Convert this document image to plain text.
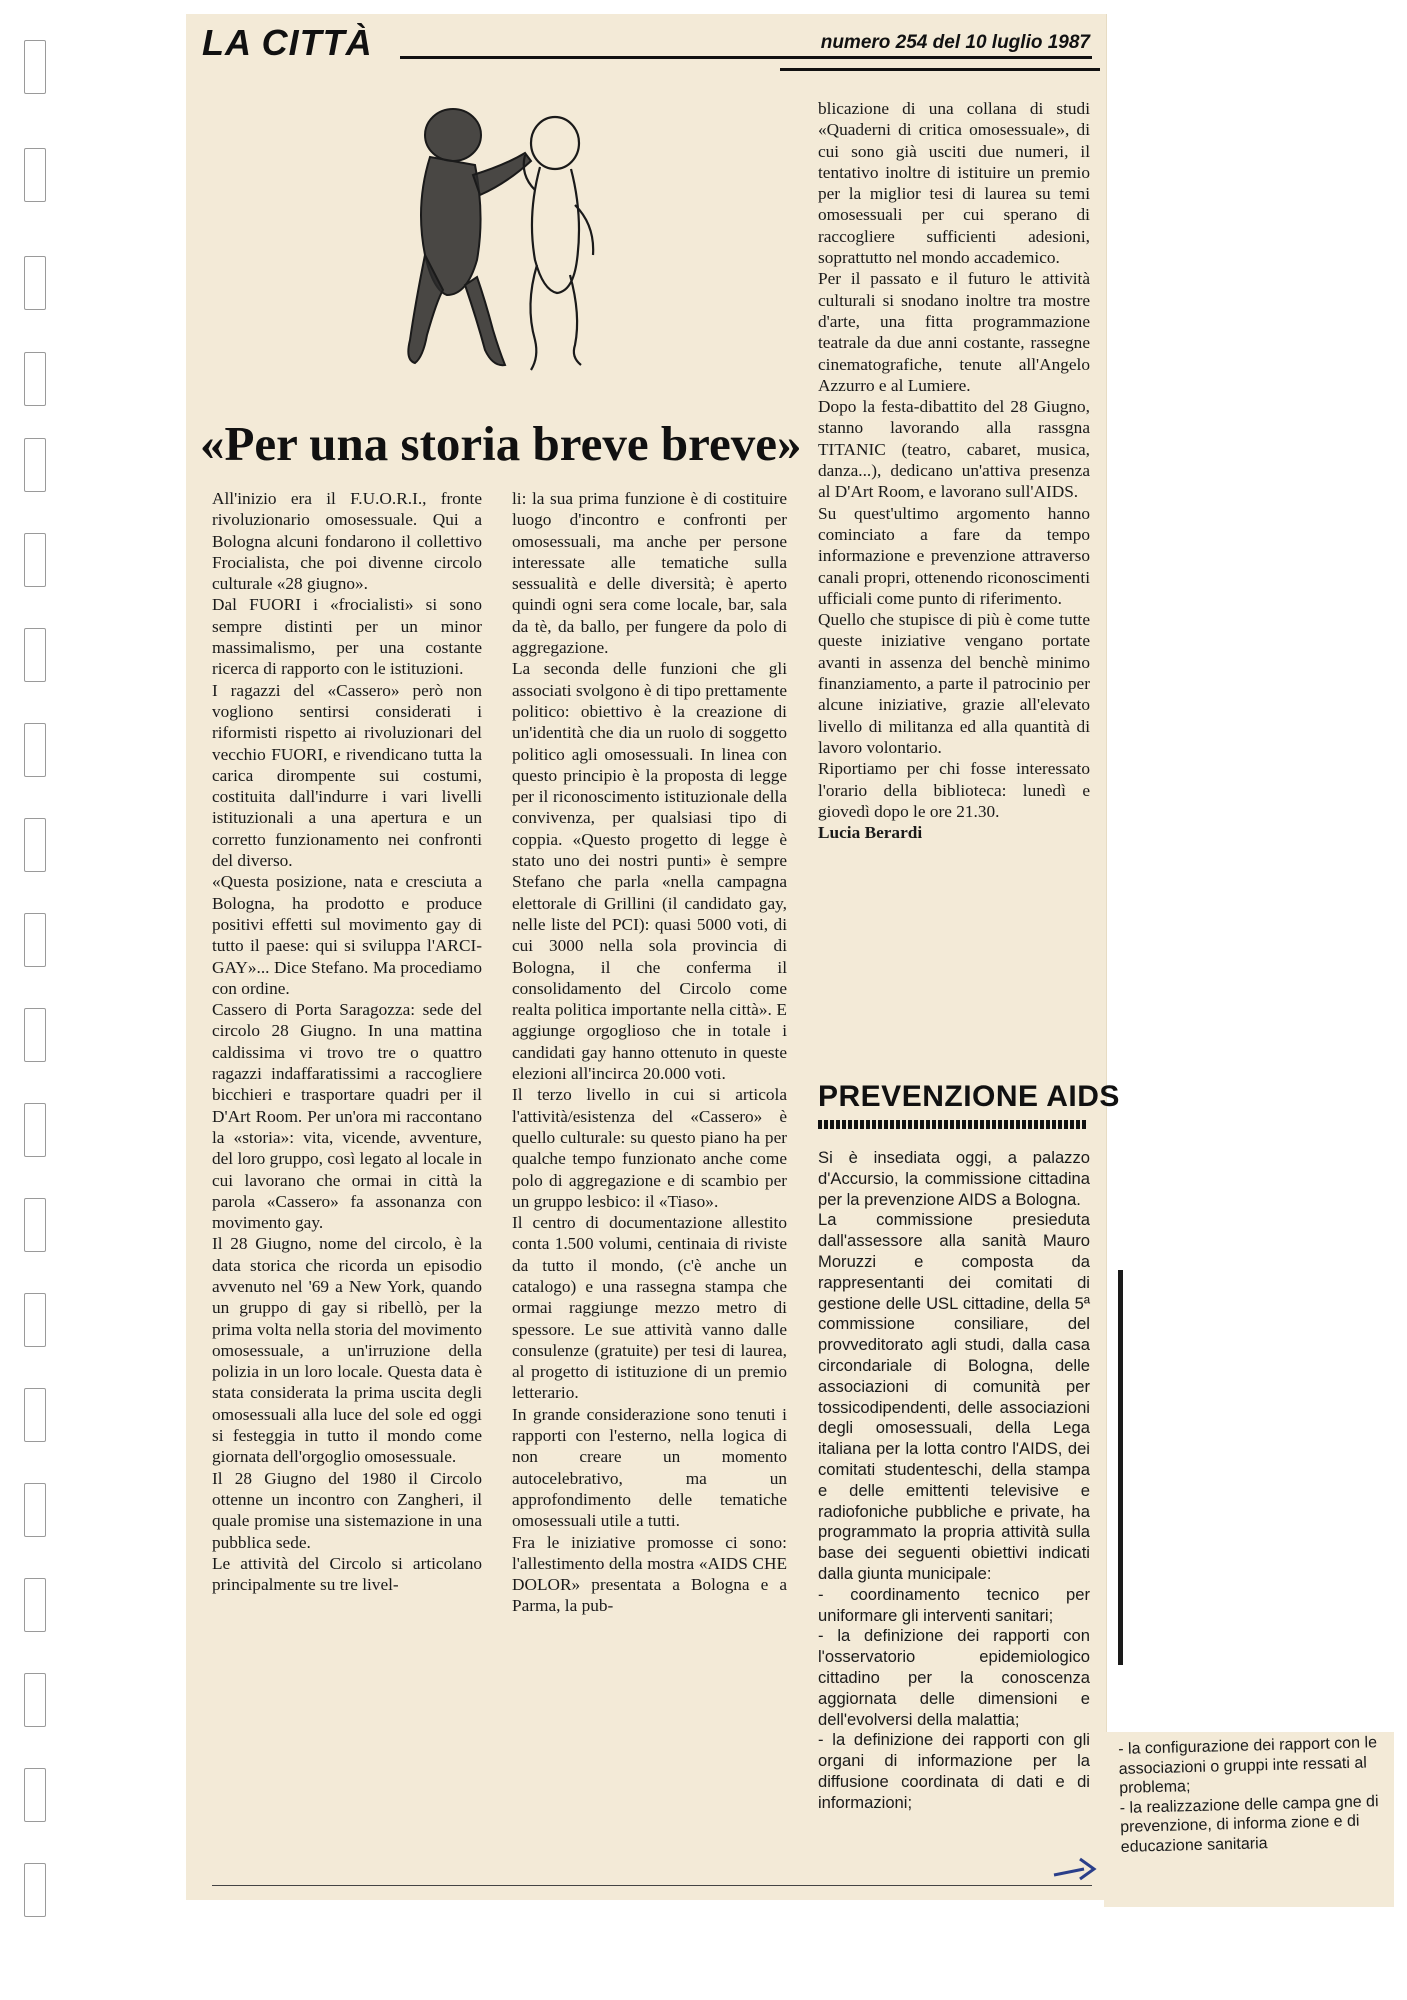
LA CITTÀ	numero 254 del 10 luglio 1987
«Per una storia breve breve»

All'inizio era il F.U.O.R.I., fronte rivoluzionario omosessuale. Qui a Bologna alcuni fondarono il collettivo Frocialista, che poi divenne circolo culturale «28 giugno».

Dal FUORI i «frocialisti» si sono sempre distinti per un minor massimalismo, per una costante ricerca di rapporto con le istituzioni.

I ragazzi del «Cassero» però non vogliono sentirsi considerati i riformisti rispetto ai rivoluzionari del vecchio FUORI, e rivendicano tutta la carica dirompente sui costumi, costituita dall'indurre i vari livelli istituzionali a una apertura e un corretto funzionamento nei confronti del diverso.

«Questa posizione, nata e cresciuta a Bologna, ha prodotto e produce positivi effetti sul movimento gay di tutto il paese: qui si sviluppa l'ARCI-GAY»... Dice Stefano. Ma procediamo con ordine.

Cassero di Porta Saragozza: sede del circolo 28 Giugno. In una mattina caldissima vi trovo tre o quattro ragazzi indaffaratissimi a raccogliere bicchieri e trasportare quadri per il D'Art Room. Per un'ora mi raccontano la «storia»: vita, vicende, avventure, del loro gruppo, così legato al locale in cui lavorano che ormai in città la parola «Cassero» fa assonanza con movimento gay.

Il 28 Giugno, nome del circolo, è la data storica che ricorda un episodio avvenuto nel '69 a New York, quando un gruppo di gay si ribellò, per la prima volta nella storia del movimento omosessuale, a un'irruzione della polizia in un loro locale. Questa data è stata considerata la prima uscita degli omosessuali alla luce del sole ed oggi si festeggia in tutto il mondo come giornata dell'orgoglio omosessuale.

Il 28 Giugno del 1980 il Circolo ottenne un incontro con Zangheri, il quale promise una sistemazione in una pubblica sede.

Le attività del Circolo si articolano principalmente su tre livel-

li: la sua prima funzione è di costituire luogo d'incontro e confronti per omosessuali, ma anche per persone interessate alle tematiche sulla sessualità e delle diversità; è aperto quindi ogni sera come locale, bar, sala da tè, da ballo, per fungere da polo di aggregazione.

La seconda delle funzioni che gli associati svolgono è di tipo prettamente politico: obiettivo è la creazione di un'identità che dia un ruolo di soggetto politico agli omosessuali. In linea con questo principio è la proposta di legge per il riconoscimento istituzionale della convivenza, per qualsiasi tipo di coppia. «Questo progetto di legge è stato uno dei nostri punti» è sempre Stefano che parla «nella campagna elettorale di Grillini (il candidato gay, nelle liste del PCI): quasi 5000 voti, di cui 3000 nella sola provincia di Bologna, il che conferma il consolidamento del Circolo come realta politica importante nella città». E aggiunge orgoglioso che in totale i candidati gay hanno ottenuto in queste elezioni all'incirca 20.000 voti.

Il terzo livello in cui si articola l'attività/esistenza del «Cassero» è quello culturale: su questo piano ha per qualche tempo funzionato anche come polo di aggregazione e di scambio per un gruppo lesbico: il «Tiaso».

Il centro di documentazione allestito conta 1.500 volumi, centinaia di riviste da tutto il mondo, (c'è anche un catalogo) e una rassegna stampa che ormai raggiunge mezzo metro di spessore. Le sue attività vanno dalle consulenze (gratuite) per tesi di laurea, al progetto di istituzione di un premio letterario.

In grande considerazione sono tenuti i rapporti con l'esterno, nella logica di non creare un momento autocelebrativo, ma un approfondimento delle tematiche omosessuali utile a tutti.

Fra le iniziative promosse ci sono: l'allestimento della mostra «AIDS CHE DOLOR» presentata a Bologna e a Parma, la pub-

blicazione di una collana di studi «Quaderni di critica omosessuale», di cui sono già usciti due numeri, il tentativo inoltre di istituire un premio per la miglior tesi di laurea su temi omosessuali per cui sperano di raccogliere sufficienti adesioni, soprattutto nel mondo accademico.

Per il passato e il futuro le attività culturali si snodano inoltre tra mostre d'arte, una fitta programmazione teatrale da due anni costante, rassegne cinematografiche, tenute all'Angelo Azzurro e al Lumiere.

Dopo la festa-dibattito del 28 Giugno, stanno lavorando alla rassgna TITANIC (teatro, cabaret, musica, danza...), dedicano un'attiva presenza al D'Art Room, e lavorano sull'AIDS.

Su quest'ultimo argomento hanno cominciato a fare da tempo informazione e prevenzione attraverso canali propri, ottenendo riconoscimenti ufficiali come punto di riferimento.

Quello che stupisce di più è come tutte queste iniziative vengano portate avanti in assenza del benchè minimo finanziamento, a parte il patrocinio per alcune iniziative, grazie all'elevato livello di militanza ed alla quantità di lavoro volontario.

Riportiamo per chi fosse interessato l'orario della biblioteca: lunedì e giovedì dopo le ore 21.30.

Lucia Berardi

PREVENZIONE AIDS

Si è insediata oggi, a palazzo d'Accursio, la commissione cittadina per la prevenzione AIDS a Bologna.

La commissione presieduta dall'assessore alla sanità Mauro Moruzzi e composta da rappresentanti dei comitati di gestione delle USL cittadine, della 5ª commissione consiliare, del provveditorato agli studi, dalla casa circondariale di Bologna, delle associazioni di comunità per tossicodipendenti, delle associazioni degli omosessuali, della Lega italiana per la lotta contro l'AIDS, dei comitati studenteschi, della stampa e delle emittenti televisive e radiofoniche pubbliche e private, ha programmato la propria attività sulla base dei seguenti obiettivi indicati dalla giunta municipale:

- coordinamento tecnico per uniformare gli interventi sanitari;

- la definizione dei rapporti con l'osservatorio epidemiologico cittadino per la conoscenza aggiornata delle dimensioni e dell'evolversi della malattia;

- la definizione dei rapporti con gli organi di informazione per la diffusione coordinata di dati e di informazioni;

- la configurazione dei rapport con le associazioni o gruppi inte ressati al problema;

- la realizzazione delle campa gne di prevenzione, di informa zione e di educazione sanitaria
